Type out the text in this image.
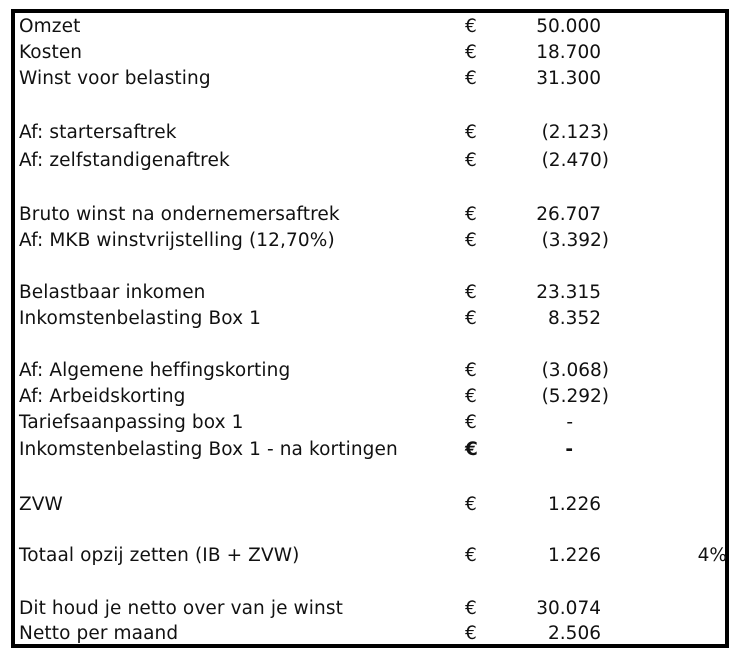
Omzet	€	50.000
Kosten	€	18.700
Winst voor belasting	€	31.300
Af: startersaftrek	€	(2.123)
Af: zelfstandigenaftrek	€	(2.470)
Bruto winst na ondernemersaftrek	€	26.707
Af: MKB winstvrijstelling (12,70%)	€	(3.392)
Belastbaar inkomen	€	23.315
Inkomstenbelasting Box 1	€	8.352
Af: Algemene heffingskorting	€	(3.068)
Af: Arbeidskorting	€	(5.292)
Tariefsaanpassing box 1	€	-
Inkomstenbelasting Box 1 - na kortingen	€	-
ZVW	€	1.226
Totaal opzij zetten (IB + ZVW)	€	1.226	4%
Dit houd je netto over van je winst	€	30.074
Netto per maand	€	2.506
